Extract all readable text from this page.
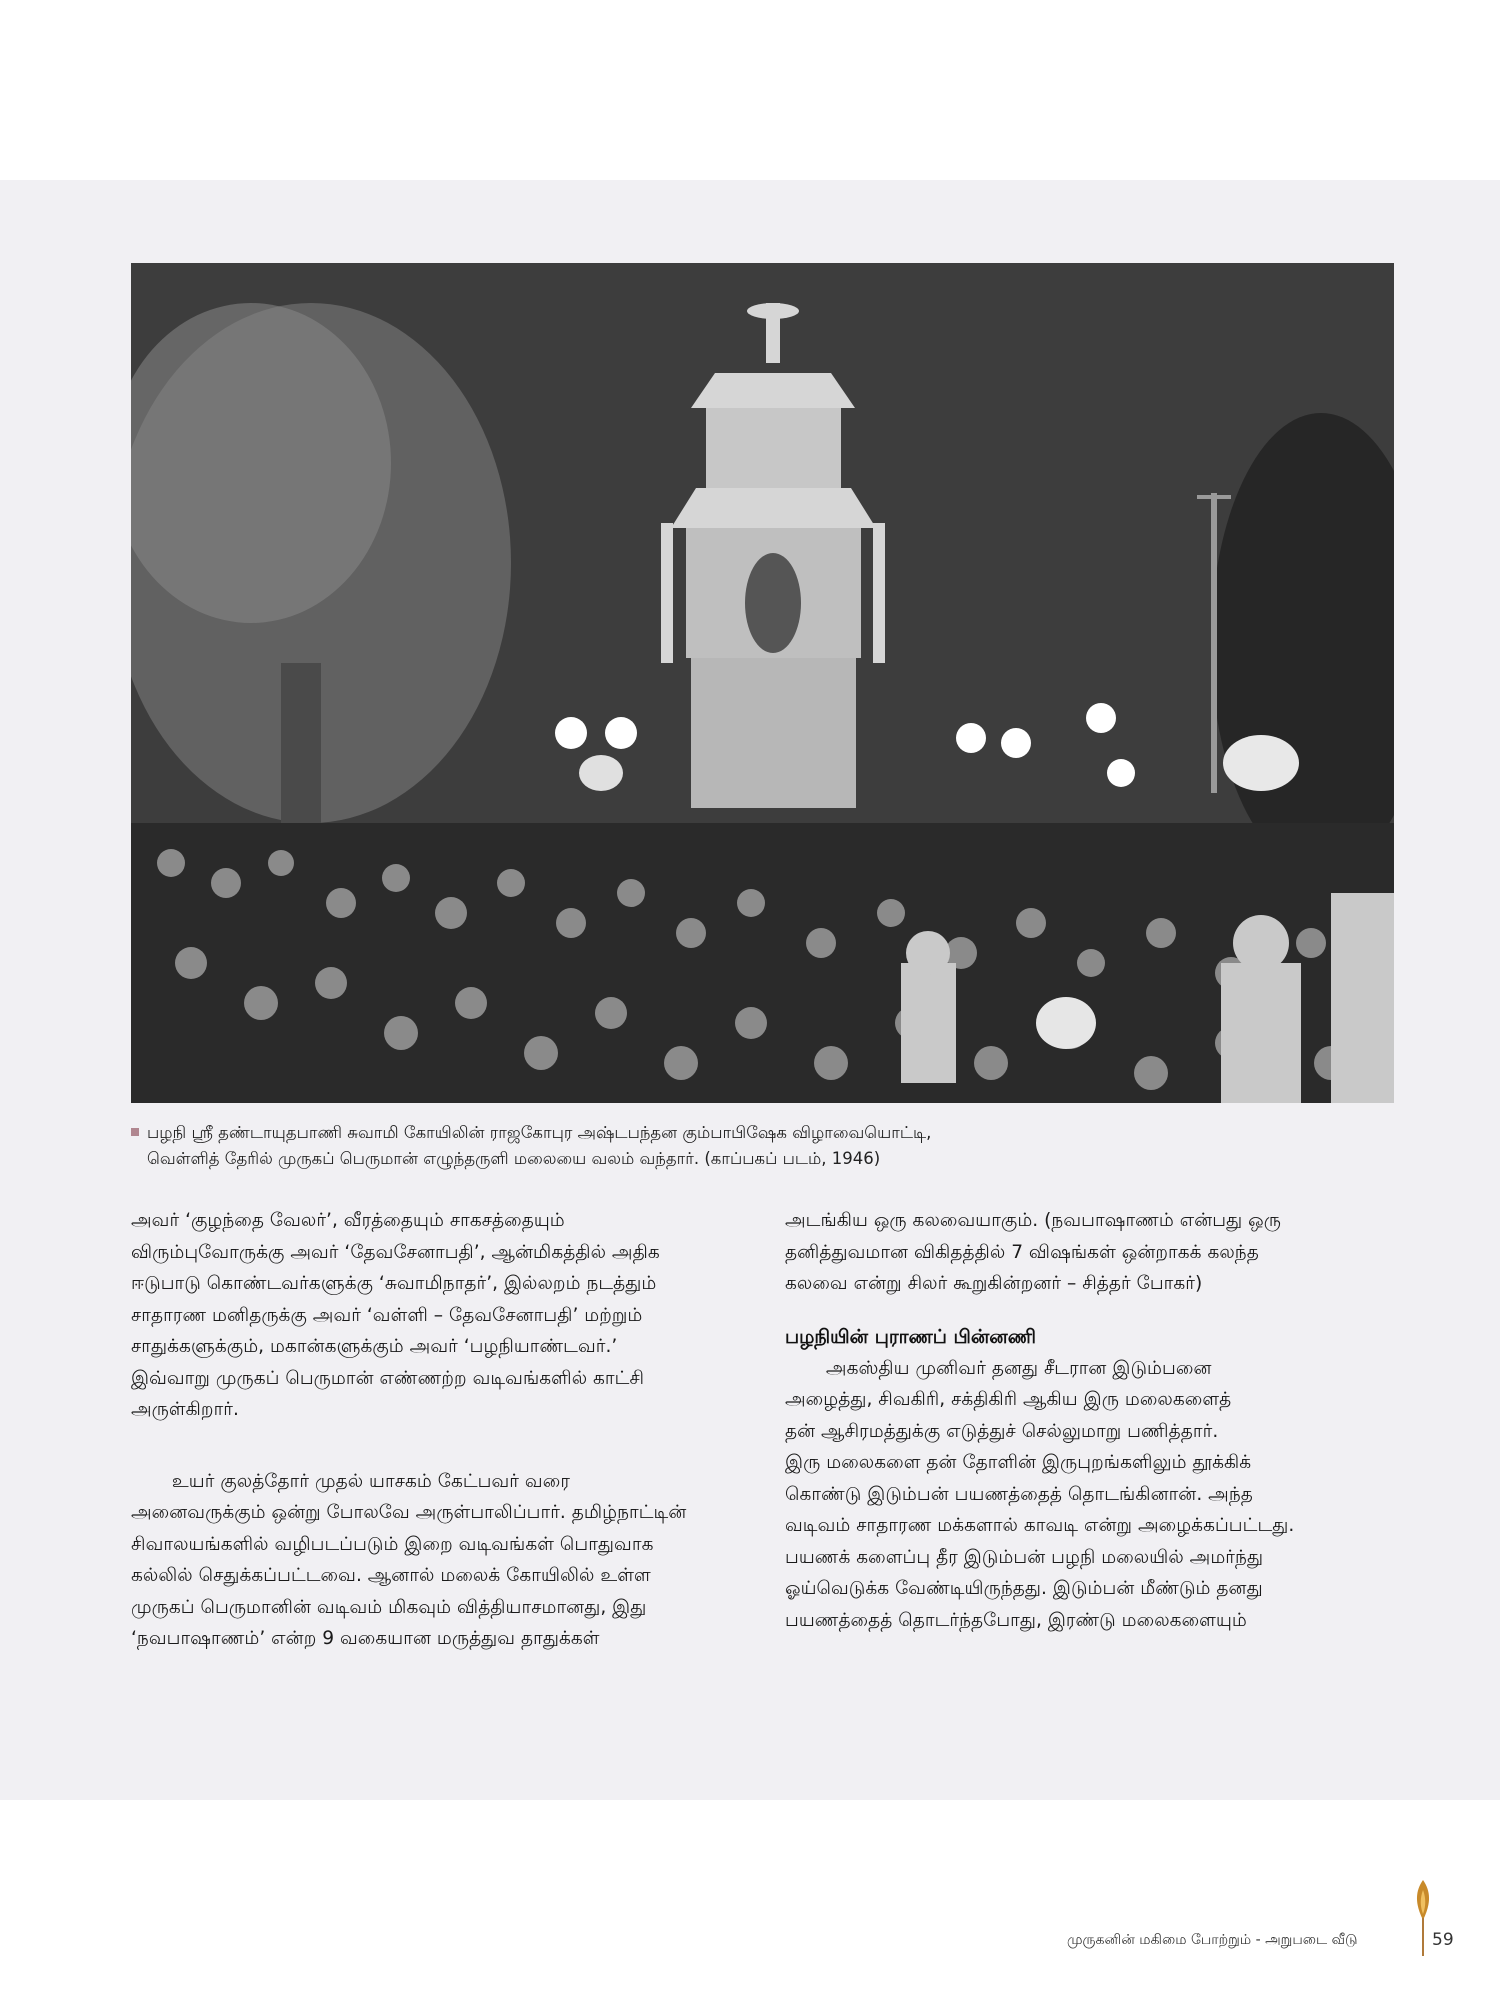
பழநி ஸ்ரீ தண்டாயுதபாணி சுவாமி கோயிலின் ராஜகோபுர அஷ்டபந்தன கும்பாபிஷேக விழாவையொட்டி,
வெள்ளித் தேரில் முருகப் பெருமான் எழுந்தருளி மலையை வலம் வந்தார். (காப்பகப் படம், 1946)

அவர் ‘குழந்தை வேலர்’, வீரத்தையும் சாகசத்தையும்

விரும்புவோருக்கு அவர் ‘தேவசேனாபதி’, ஆன்மிகத்தில் அதிக

ஈடுபாடு கொண்டவர்களுக்கு ‘சுவாமிநாதர்’, இல்லறம் நடத்தும்

சாதாரண மனிதருக்கு அவர் ‘வள்ளி – தேவசேனாபதி’ மற்றும்

சாதுக்களுக்கும், மகான்களுக்கும் அவர் ‘பழநியாண்டவர்.’

இவ்வாறு முருகப் பெருமான் எண்ணற்ற வடிவங்களில் காட்சி

அருள்கிறார்.

உயர் குலத்தோர் முதல் யாசகம் கேட்பவர் வரை

அனைவருக்கும் ஒன்று போலவே அருள்பாலிப்பார். தமிழ்நாட்டின்

சிவாலயங்களில் வழிபடப்படும் இறை வடிவங்கள் பொதுவாக

கல்லில் செதுக்கப்பட்டவை. ஆனால் மலைக் கோயிலில் உள்ள

முருகப் பெருமானின் வடிவம் மிகவும் வித்தியாசமானது, இது

‘நவபாஷாணம்’ என்ற 9 வகையான மருத்துவ தாதுக்கள்

அடங்கிய ஒரு கலவையாகும். (நவபாஷாணம் என்பது ஒரு

தனித்துவமான விகிதத்தில் 7 விஷங்கள் ஒன்றாகக் கலந்த

கலவை என்று சிலர் கூறுகின்றனர் – சித்தர் போகர்)

பழநியின் புராணப் பின்னணி

அகஸ்திய முனிவர் தனது சீடரான இடும்பனை

அழைத்து, சிவகிரி, சக்திகிரி ஆகிய இரு மலைகளைத்

தன் ஆசிரமத்துக்கு எடுத்துச் செல்லுமாறு பணித்தார்.

இரு மலைகளை தன் தோளின் இருபுறங்களிலும் தூக்கிக்

கொண்டு இடும்பன் பயணத்தைத் தொடங்கினான். அந்த

வடிவம் சாதாரண மக்களால் காவடி என்று அழைக்கப்பட்டது.

பயணக் களைப்பு தீர இடும்பன் பழநி மலையில் அமர்ந்து

ஓய்வெடுக்க வேண்டியிருந்தது. இடும்பன் மீண்டும் தனது

பயணத்தைத் தொடர்ந்தபோது, இரண்டு மலைகளையும்

முருகனின் மகிமை போற்றும் - அறுபடை வீடு	59
